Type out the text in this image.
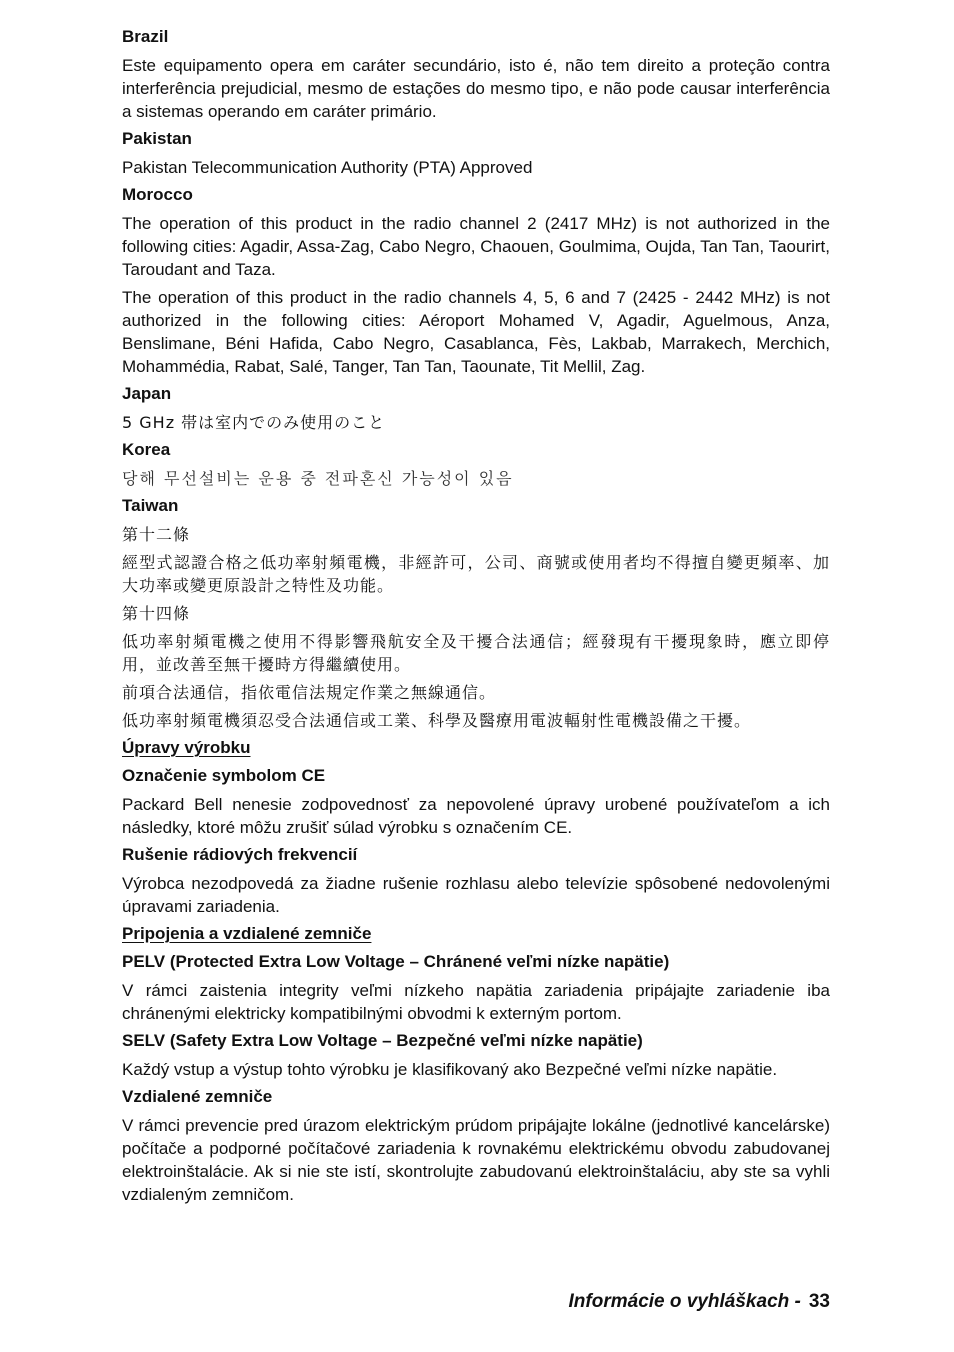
Brazil
Este equipamento opera em caráter secundário, isto é, não tem direito a proteção contra interferência prejudicial, mesmo de estações do mesmo tipo, e não pode causar interferência a sistemas operando em caráter primário.
Pakistan
Pakistan Telecommunication Authority (PTA) Approved
Morocco
The operation of this product in the radio channel 2 (2417 MHz) is not authorized in the following cities: Agadir, Assa-Zag, Cabo Negro, Chaouen, Goulmima, Oujda, Tan Tan, Taourirt, Taroudant and Taza.
The operation of this product in the radio channels 4, 5, 6 and 7 (2425 - 2442 MHz) is not authorized in the following cities: Aéroport Mohamed V, Agadir, Aguelmous, Anza, Benslimane, Béni Hafida, Cabo Negro, Casablanca, Fès, Lakbab, Marrakech, Merchich, Mohammédia, Rabat, Salé, Tanger, Tan Tan, Taounate, Tit Mellil, Zag.
Japan
5 GHz 帯は室内でのみ使用のこと
Korea
당해 무선설비는 운용 중 전파혼신 가능성이 있음
Taiwan
第十二條
經型式認證合格之低功率射頻電機，非經許可，公司、商號或使用者均不得擅自變更頻率、加大功率或變更原設計之特性及功能。
第十四條
低功率射頻電機之使用不得影響飛航安全及干擾合法通信；經發現有干擾現象時，應立即停用，並改善至無干擾時方得繼續使用。
前項合法通信，指依電信法規定作業之無線通信。
低功率射頻電機須忍受合法通信或工業、科學及醫療用電波輻射性電機設備之干擾。
Úpravy výrobku
Označenie symbolom CE
Packard Bell nenesie zodpovednosť za nepovolené úpravy urobené používateľom a ich následky, ktoré môžu zrušiť súlad výrobku s označením CE.
Rušenie rádiových frekvencií
Výrobca nezodpovedá za žiadne rušenie rozhlasu alebo televízie spôsobené nedovolenými úpravami zariadenia.
Pripojenia a vzdialené zemniče
PELV (Protected Extra Low Voltage – Chránené veľmi nízke napätie)
V rámci zaistenia integrity veľmi nízkeho napätia zariadenia pripájajte zariadenie iba chránenými elektricky kompatibilnými obvodmi k externým portom.
SELV (Safety Extra Low Voltage – Bezpečné veľmi nízke napätie)
Každý vstup a výstup tohto výrobku je klasifikovaný ako Bezpečné veľmi nízke napätie.
Vzdialené zemniče
V rámci prevencie pred úrazom elektrickým prúdom pripájajte lokálne (jednotlivé kancelárske) počítače a podporné počítačové zariadenia k rovnakému elektrickému obvodu zabudovanej elektroinštalácie. Ak si nie ste istí, skontrolujte zabudovanú elektroinštaláciu, aby ste sa vyhli vzdialeným zemničom.
Informácie o vyhláškach - 33
